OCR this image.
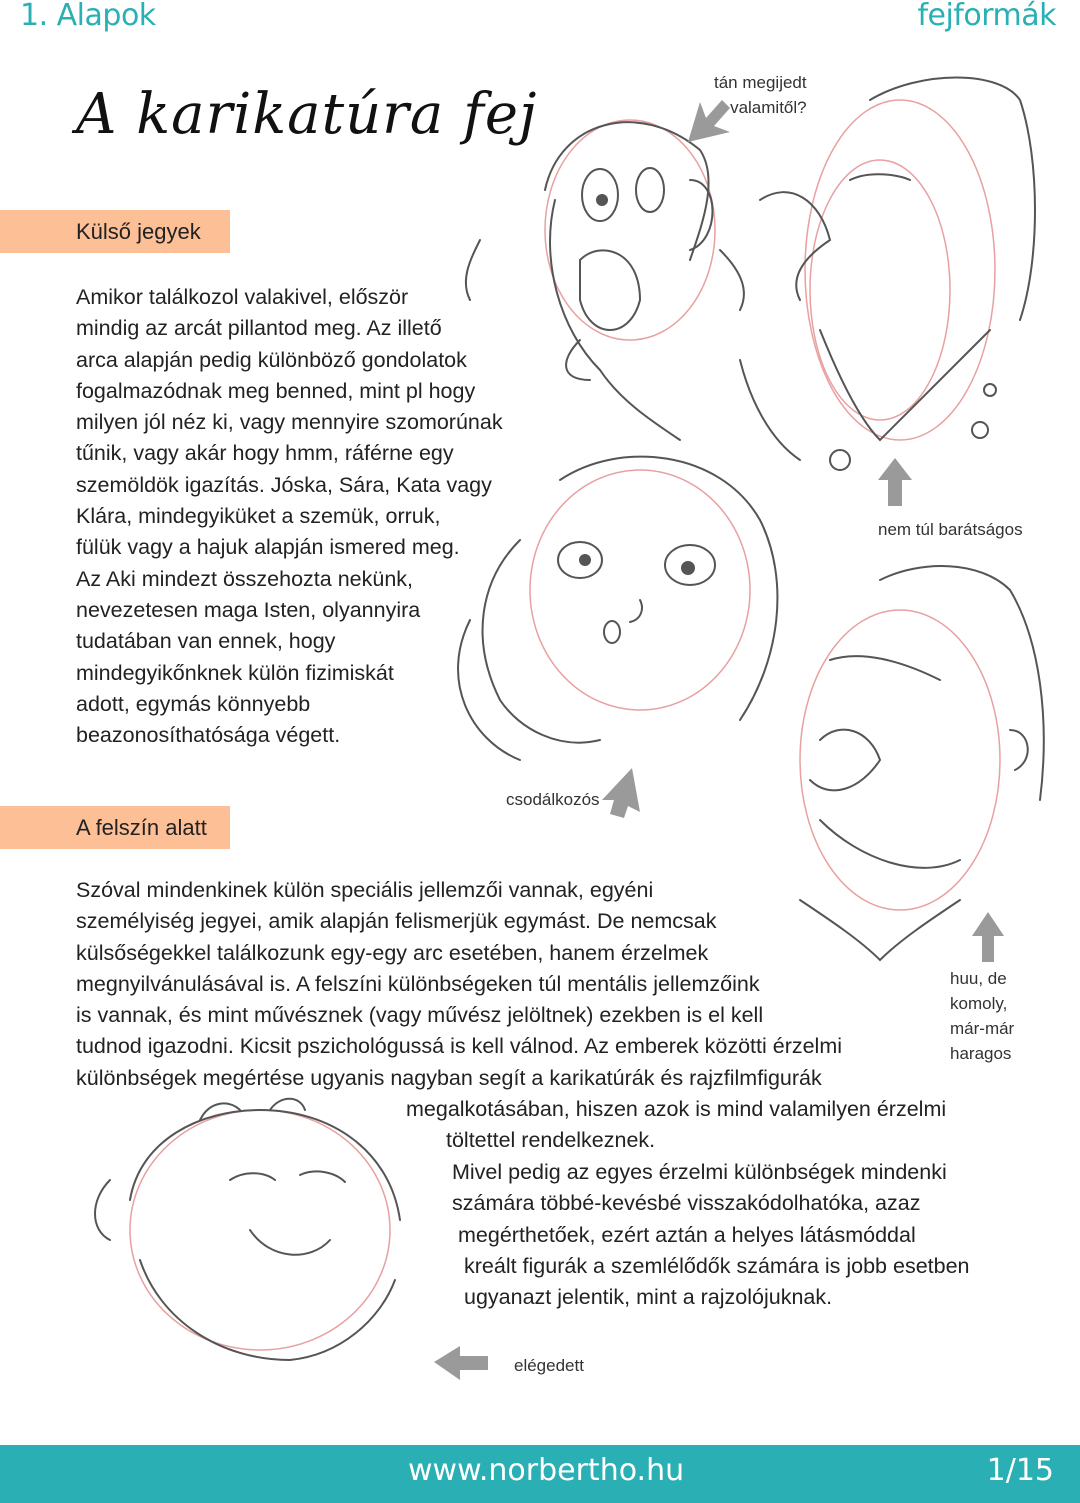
1. Alapok	fejformák
A karikatúra fej
Külső jegyek
Amikor találkozol valakivel, először
mindig az arcát pillantod meg. Az illető
arca alapján pedig különböző gondolatok
fogalmazódnak meg benned, mint pl hogy
milyen jól néz ki, vagy mennyire szomorúnak
tűnik, vagy akár hogy hmm, ráférne egy
szemöldök igazítás. Jóska, Sára, Kata vagy
Klára, mindegyiküket a szemük, orruk,
fülük vagy a hajuk alapján ismered meg.
Az Aki mindezt összehozta nekünk,
nevezetesen maga Isten, olyannyira
tudatában van ennek, hogy
mindegyikőnknek külön fizimiskát
adott, egymás könnyebb
beazonosíthatósága végett.
A felszín alatt
Szóval mindenkinek külön speciális jellemzői vannak, egyéni
személyiség jegyei, amik alapján felismerjük egymást. De nemcsak
külsőségekkel találkozunk egy-egy arc esetében, hanem érzelmek
megnyilvánulásával is. A felszíni különbségeken túl mentális jellemzőink
is vannak, és mint művésznek (vagy művész jelöltnek) ezekben is el kell
tudnod igazodni. Kicsit pszichológussá is kell válnod. Az emberek közötti érzelmi
különbségek megértése ugyanis nagyban segít a karikatúrák és rajzfilmfigurák
megalkotásában, hiszen azok is mind valamilyen érzelmi
töltettel rendelkeznek.
Mivel pedig az egyes érzelmi különbségek mindenki
számára többé-kevésbé visszakódolhatóka, azaz
megérthetőek, ezért aztán a helyes látásmóddal
kreált figurák a szemlélődők számára is jobb esetben
ugyanazt jelentik, mint a rajzolójuknak.
tán megijedt
valamitől?
nem túl barátságos
csodálkozós
huu, de
komoly,
már-már
haragos
elégedett
www.norbertho.hu	1/15
